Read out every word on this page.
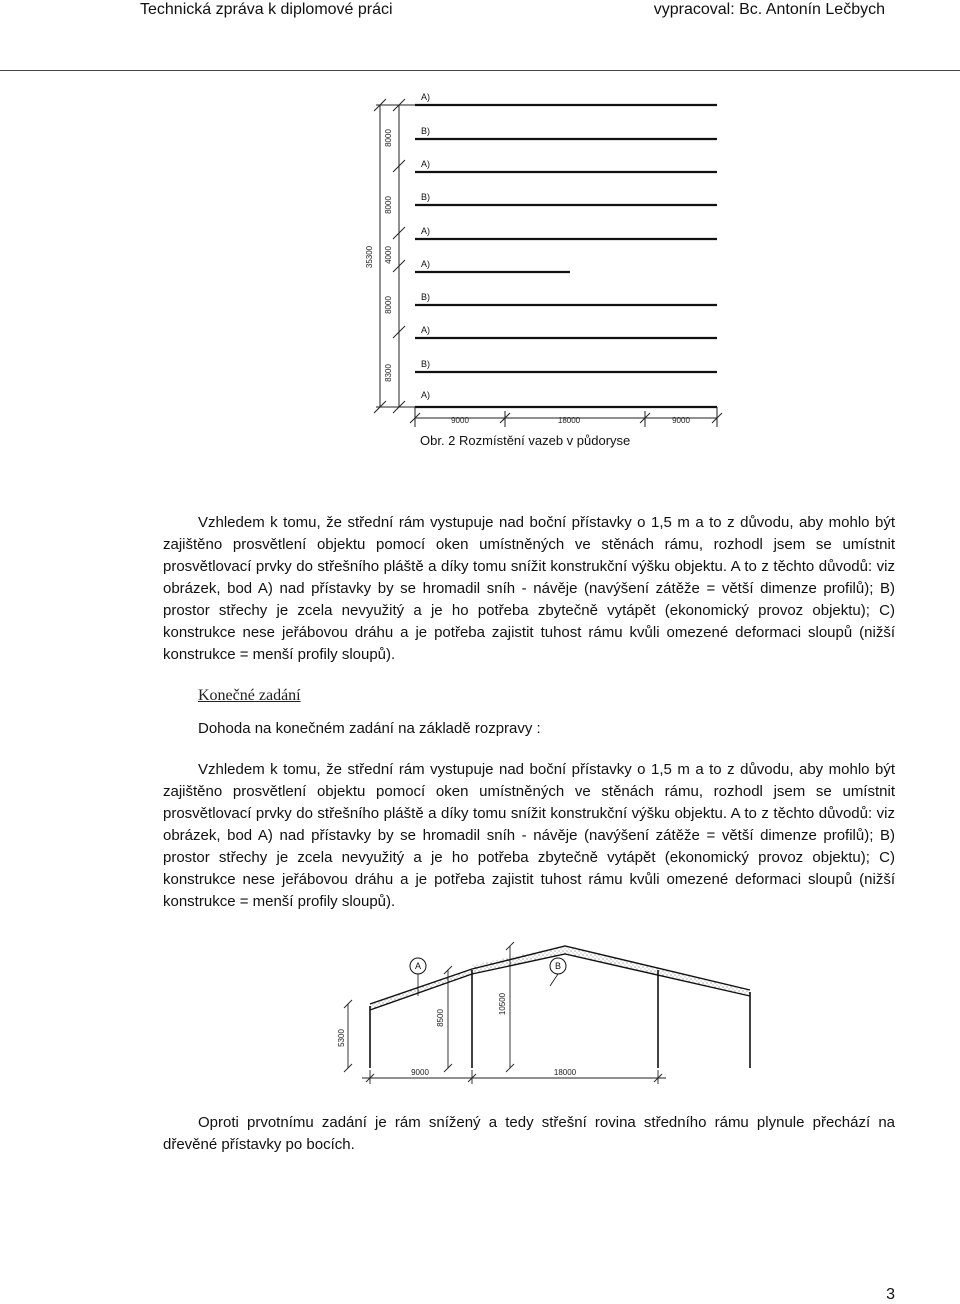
Technická zpráva k diplomové práci	vypracoval: Bc. Antonín Lečbych
35300
8000
8000
4000
8000
8300
A)
B)
A)
B)
A)
A)
B)
A)
B)
A)
9000	18000	9000
Obr. 2 Rozmístění vazeb v půdoryse

Vzhledem k tomu, že střední rám vystupuje nad boční přístavky o 1,5 m a to z důvodu, aby mohlo být zajištěno prosvětlení objektu pomocí oken umístněných ve stěnách rámu, rozhodl jsem se umístnit prosvětlovací prvky do střešního pláště a díky tomu snížit konstrukční výšku objektu. A to z těchto důvodů: viz obrázek, bod A) nad přístavky by se hromadil sníh - návěje (navýšení zátěže = větší dimenze profilů); B) prostor střechy je zcela nevyužitý a je ho potřeba zbytečně vytápět (ekonomický provoz objektu); C) konstrukce nese jeřábovou dráhu a je potřeba zajistit tuhost rámu kvůli omezené deformaci sloupů (nižší konstrukce = menší profily sloupů).

Konečné zadání
Dohoda na konečném zadání na základě rozpravy :

Vzhledem k tomu, že střední rám vystupuje nad boční přístavky o 1,5 m a to z důvodu, aby mohlo být zajištěno prosvětlení objektu pomocí oken umístněných ve stěnách rámu, rozhodl jsem se umístnit prosvětlovací prvky do střešního pláště a díky tomu snížit konstrukční výšku objektu. A to z těchto důvodů: viz obrázek, bod A) nad přístavky by se hromadil sníh - návěje (navýšení zátěže = větší dimenze profilů); B) prostor střechy je zcela nevyužitý a je ho potřeba zbytečně vytápět (ekonomický provoz objektu); C) konstrukce nese jeřábovou dráhu a je potřeba zajistit tuhost rámu kvůli omezené deformaci sloupů (nižší konstrukce = menší profily sloupů).

A	B
5300
8500
10500
9000	18000

Oproti prvotnímu zadání je rám snížený a tedy střešní rovina středního rámu plynule přechází na dřevěné přístavky po bocích.

3
